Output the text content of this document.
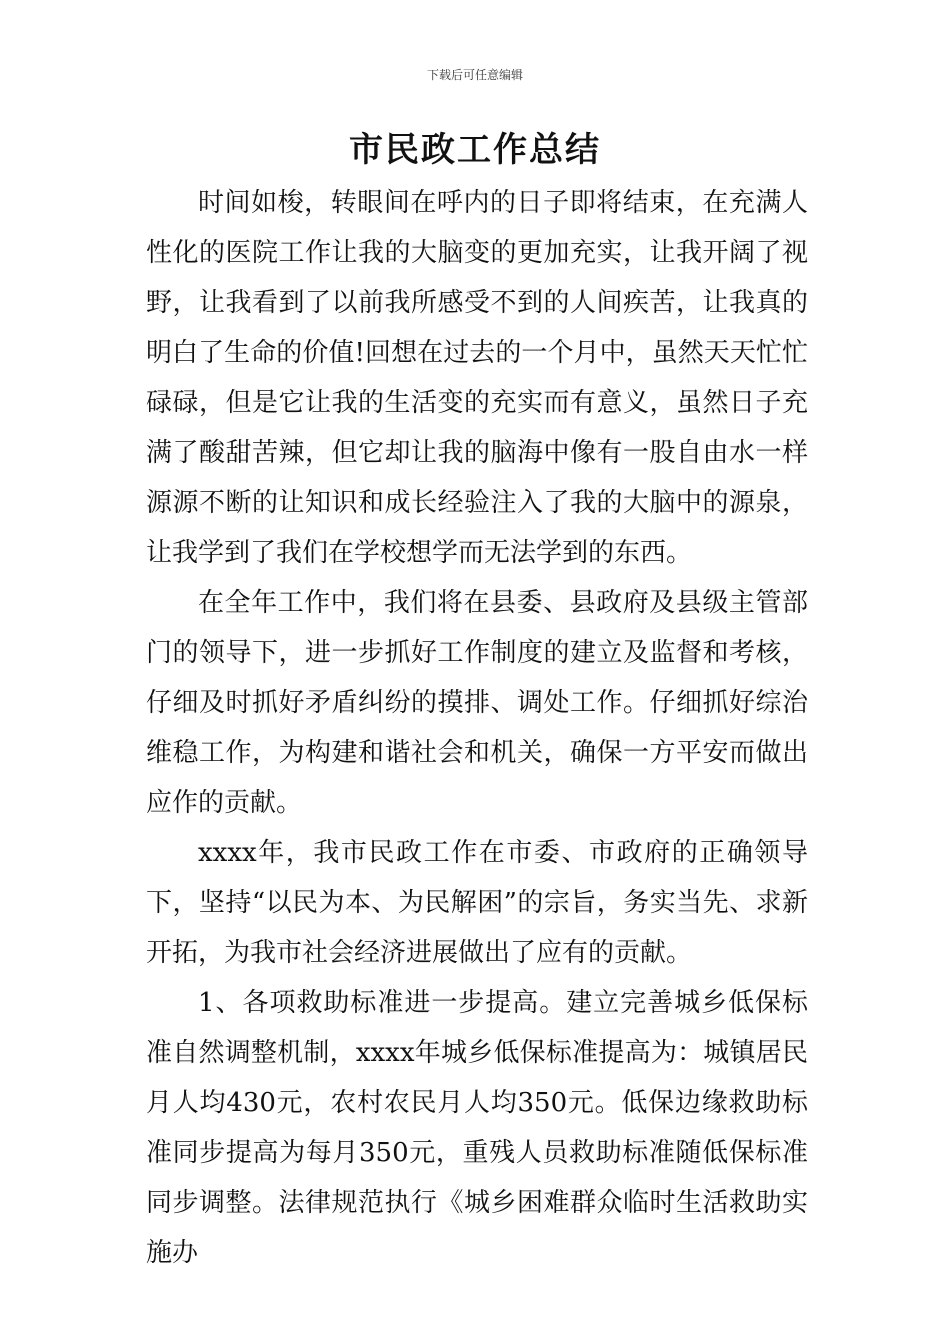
下载后可任意编辑
市民政工作总结

时间如梭，转眼间在呼内的日子即将结束，在充满人性化的医院工作让我的大脑变的更加充实，让我开阔了视野，让我看到了以前我所感受不到的人间疾苦，让我真的明白了生命的价值!回想在过去的一个月中，虽然天天忙忙碌碌，但是它让我的生活变的充实而有意义，虽然日子充满了酸甜苦辣，但它却让我的脑海中像有一股自由水一样源源不断的让知识和成长经验注入了我的大脑中的源泉，让我学到了我们在学校想学而无法学到的东西。

在全年工作中，我们将在县委、县政府及县级主管部门的领导下，进一步抓好工作制度的建立及监督和考核，仔细及时抓好矛盾纠纷的摸排、调处工作。仔细抓好综治维稳工作，为构建和谐社会和机关，确保一方平安而做出应作的贡献。

xxxx年，我市民政工作在市委、市政府的正确领导下，坚持“以民为本、为民解困”的宗旨，务实当先、求新开拓，为我市社会经济进展做出了应有的贡献。

1、各项救助标准进一步提高。建立完善城乡低保标准自然调整机制，xxxx年城乡低保标准提高为：城镇居民月人均430元，农村农民月人均350元。低保边缘救助标准同步提高为每月350元，重残人员救助标准随低保标准同步调整。法律规范执行《城乡困难群众临时生活救助实施办
